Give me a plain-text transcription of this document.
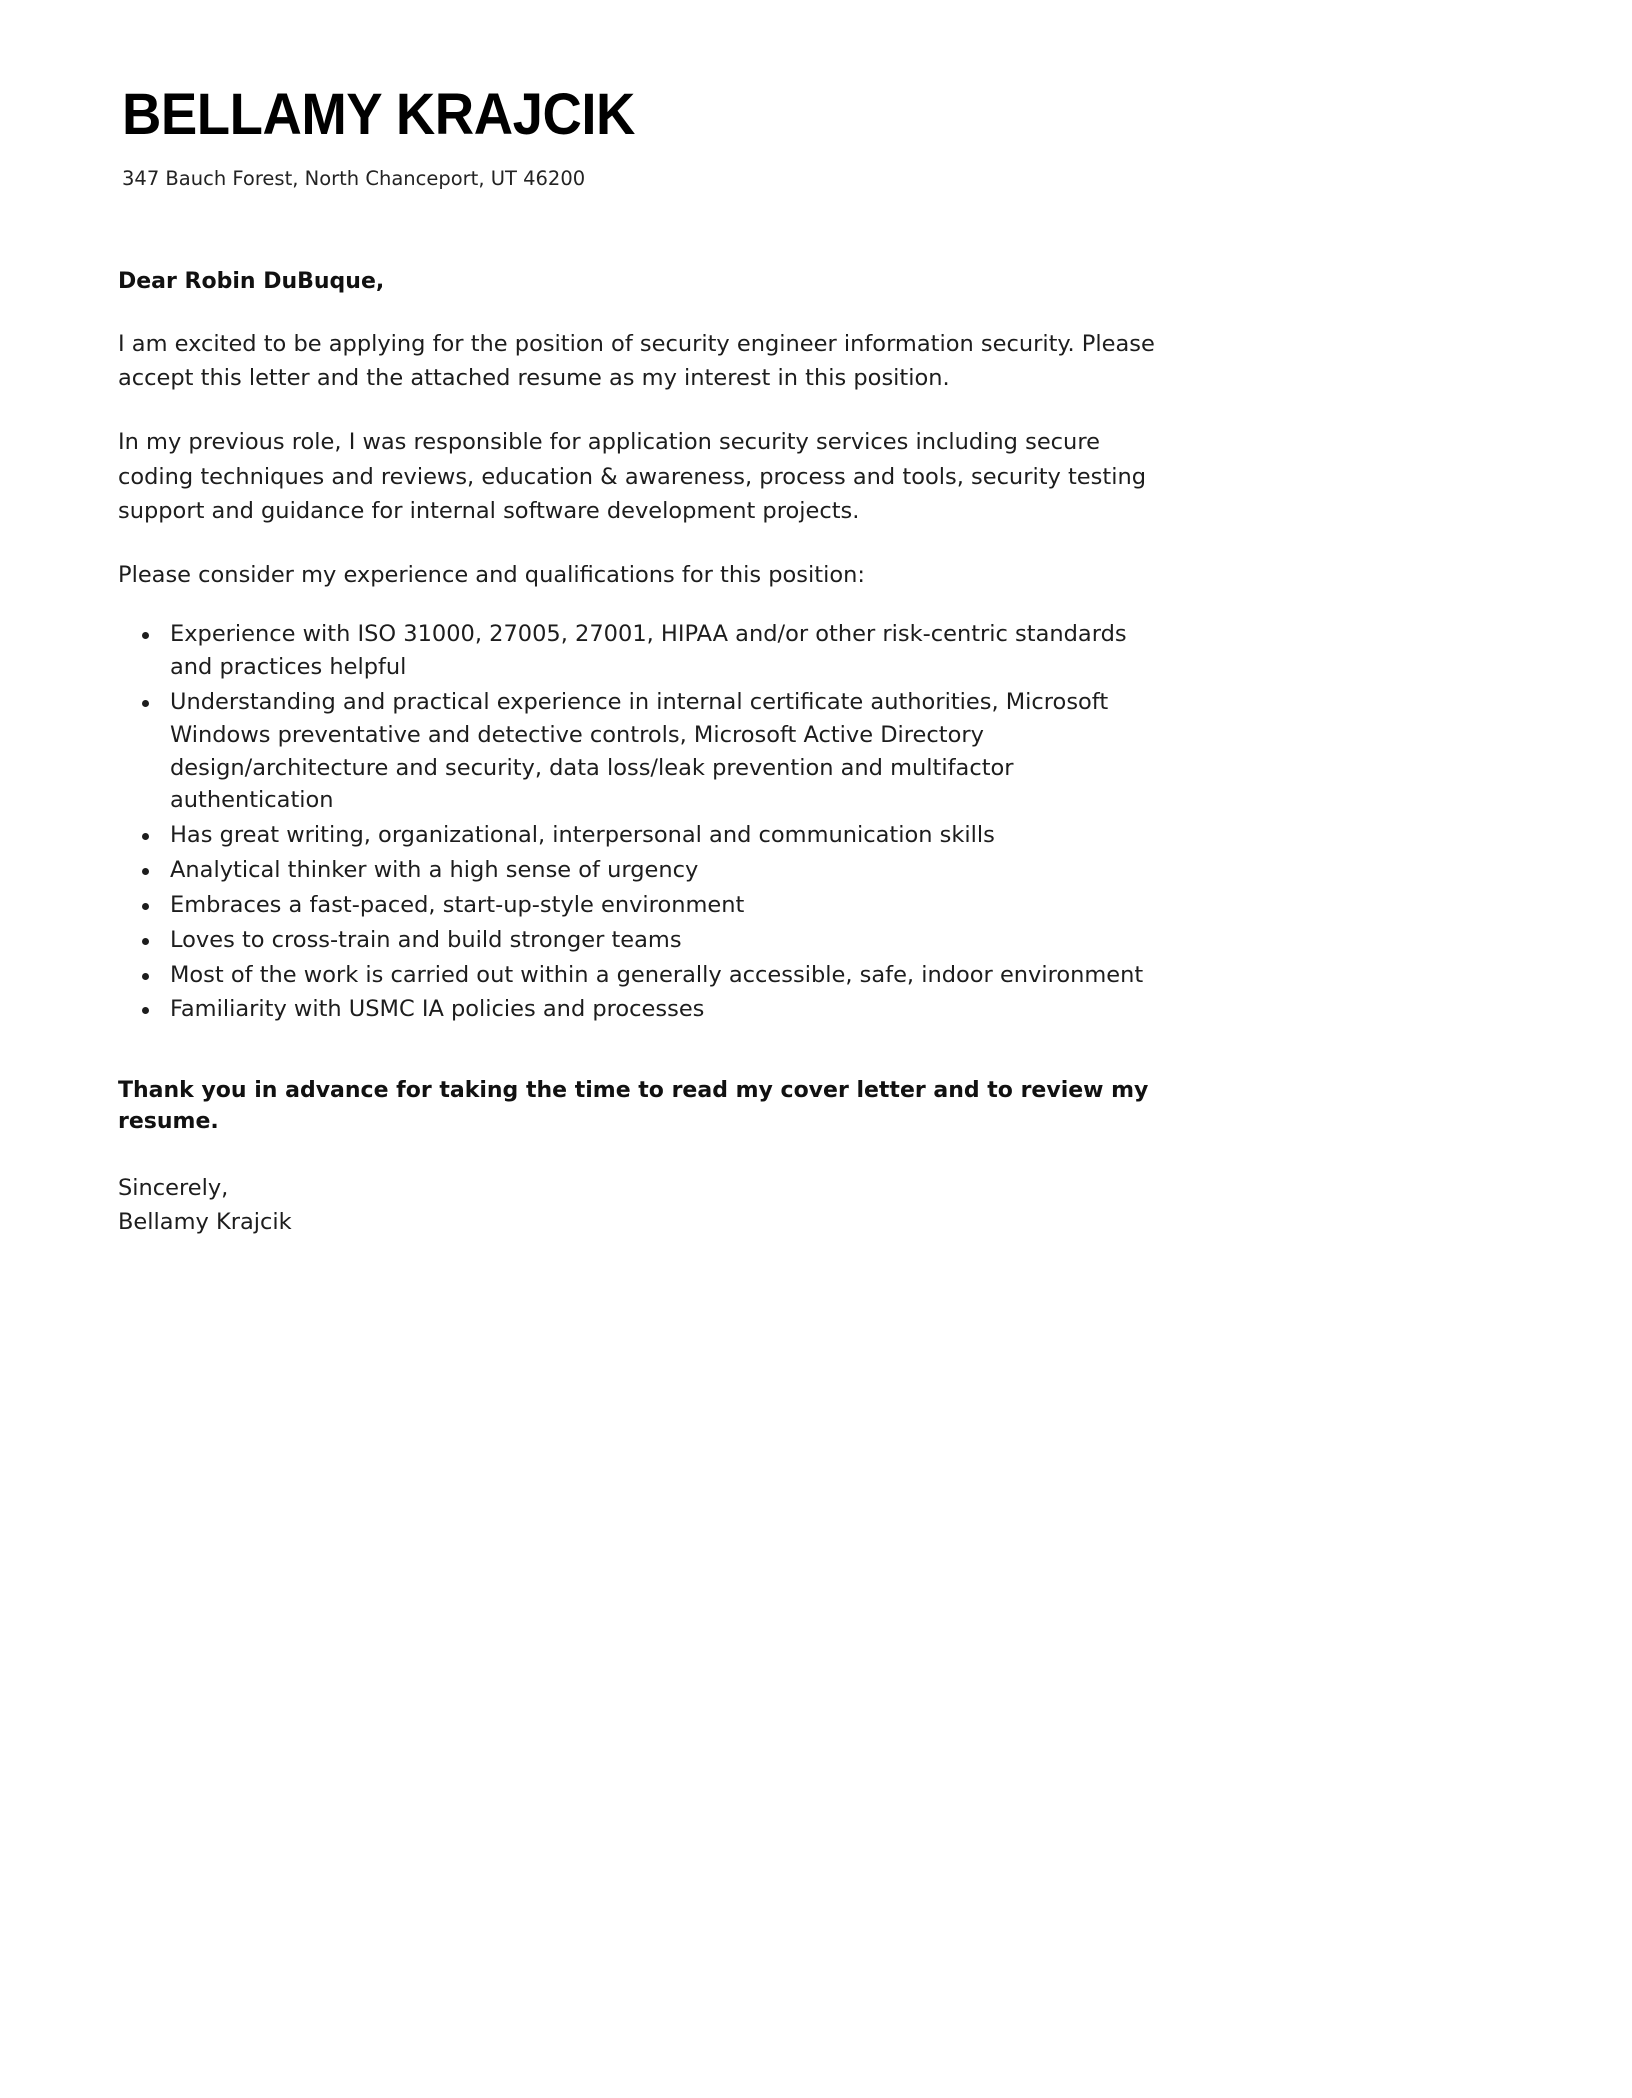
BELLAMY KRAJCIK
347 Bauch Forest, North Chanceport, UT 46200
Dear Robin DuBuque,

I am excited to be applying for the position of security engineer information security. Please accept this letter and the attached resume as my interest in this position.

In my previous role, I was responsible for application security services including secure coding techniques and reviews, education & awareness, process and tools, security testing support and guidance for internal software development projects.

Please consider my experience and qualifications for this position:

Experience with ISO 31000, 27005, 27001, HIPAA and/or other risk-centric standards and practices helpful
Understanding and practical experience in internal certificate authorities, Microsoft Windows preventative and detective controls, Microsoft Active Directory design/architecture and security, data loss/leak prevention and multifactor authentication
Has great writing, organizational, interpersonal and communication skills
Analytical thinker with a high sense of urgency
Embraces a fast-paced, start-up-style environment
Loves to cross-train and build stronger teams
Most of the work is carried out within a generally accessible, safe, indoor environment
Familiarity with USMC IA policies and processes

Thank you in advance for taking the time to read my cover letter and to review my resume.

Sincerely,
Bellamy Krajcik
